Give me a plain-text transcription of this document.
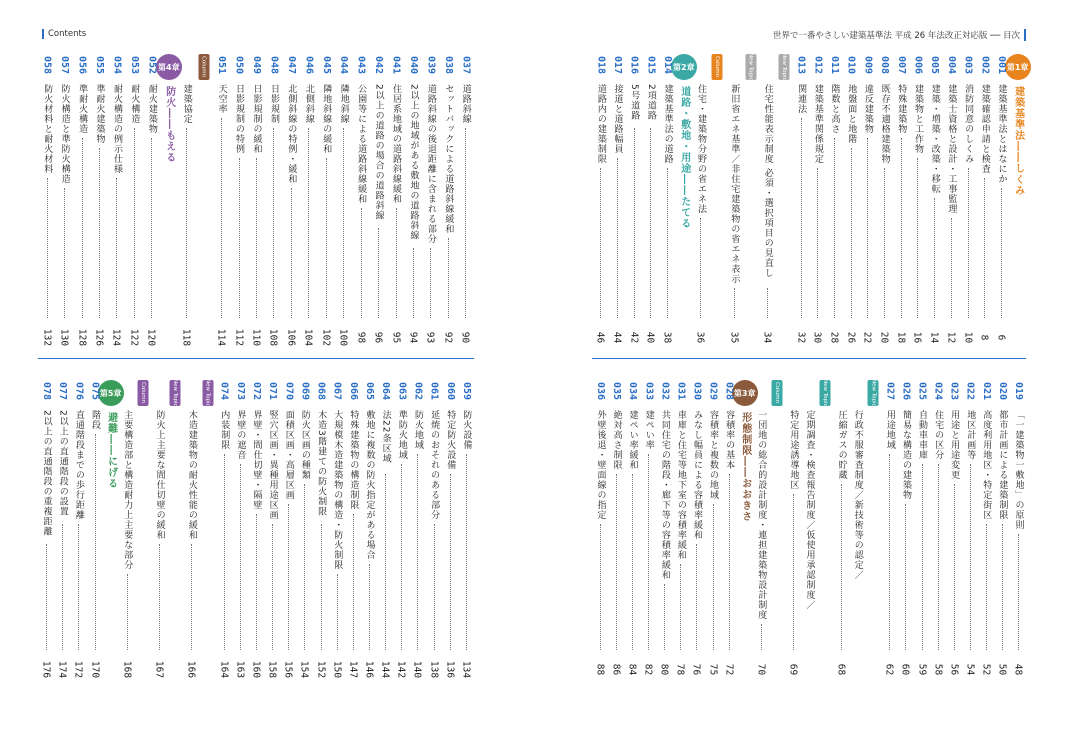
Contents	世界で一番やさしい建築基準法 平成 26 年法改正対応版 ── 目次
第1章
建築基準法――しくみ
001
建築基準法とはなにか
6
002
建築確認申請と検査
8
003
消防同意のしくみ
10
004
建築士資格と設計・工事監理
12
005
建築・増築・改築・移転
14
006
建築物と工作物
16
007
特殊建築物
18
008
既存不適格建築物
20
009
違反建築物
22
010
地盤面と地階
26
011
階数と高さ
28
012
建築基準関係規定
30
013
関連法
32
New Topic
住宅性能表示制度 必須・選択項目の見直し
34
New Topic
新旧省エネ基準／非住宅建築物の省エネ表示
35
Column
住宅・建築物分野の省エネ法
36
第2章
道路・敷地・用途――たてる
014
建築基準法の道路
38
015
2項道路
40
016
5号道路
42
017
接道と道路幅員
44
018
道路内の建築制限
46
037
道路斜線
90
038
セットバックによる道路斜線緩和
92
039
道路斜線の後退距離に含まれる部分
93
040
2以上の地域がある敷地の道路斜線
94
041
住居系地域の道路斜線緩和
95
042
2以上の道路の場合の道路斜線
96
043
公園等による道路斜線緩和
98
044
隣地斜線
100
045
隣地斜線の緩和
102
046
北側斜線
104
047
北側斜線の特例・緩和
106
048
日影規制
108
049
日影規制の緩和
110
050
日影規制の特例
112
051
天空率
114
Column
建築協定
118
第4章
防火――もえる
052
耐火建築物
120
053
耐火構造
122
054
耐火構造の例示仕様
124
055
準耐火建築物
126
056
準耐火構造
128
057
防火構造と準防火構造
130
058
防火材料と耐火材料
132
019
「一建築物一敷地」の原則
48
020
都市計画による建築制限
50
021
高度利用地区・特定街区
52
022
地区計画等
54
023
用途と用途変更
56
024
住宅の区分
58
025
自動車車庫
59
026
簡易な構造の建築物
60
027
用途地域
62
New Topic
行政不服審査制度／新技術等の認定／
圧縮ガスの貯蔵
68
New Topic
定期調査・検査報告制度／仮使用承認制度／
特定用途誘導地区
69
Column
一団地の総合的設計制度・連担建築物設計制度
70
第3章
形態制限――おおきさ
028
容積率の基本
72
029
容積率と複数の地域
75
030
みなし幅員による容積率緩和
76
031
車庫と住宅等地下室の容積率緩和
78
032
共同住宅の階段・廊下等の容積率緩和
80
033
建ぺい率
82
034
建ぺい率緩和
84
035
絶対高さ制限
86
036
外壁後退・壁面線の指定
88
059
防火設備
134
060
特定防火設備
136
061
延焼のおそれのある部分
138
062
防火地域
140
063
準防火地域
142
064
法22条区域
144
065
敷地に複数の防火指定がある場合
146
066
特殊建築物の構造制限
147
067
大規模木造建築物の構造・防火制限
150
068
木造3階建ての防火制限
152
069
防火区画の種類
154
070
面積区画・高層区画
156
071
竪穴区画・異種用途区画
158
072
界壁・間仕切壁・隔壁
160
073
界壁の遮音
163
074
内装制限
164
New Topic
木造建築物の耐火性能の緩和
166
New Topic
防火上主要な間仕切壁の緩和
167
Column
主要構造部と構造耐力上主要な部分
168
第5章
避難――にげる
075
階段
170
076
直通階段までの歩行距離
172
077
2以上の直通階段の設置
174
078
2以上の直通階段の重複距離
176
